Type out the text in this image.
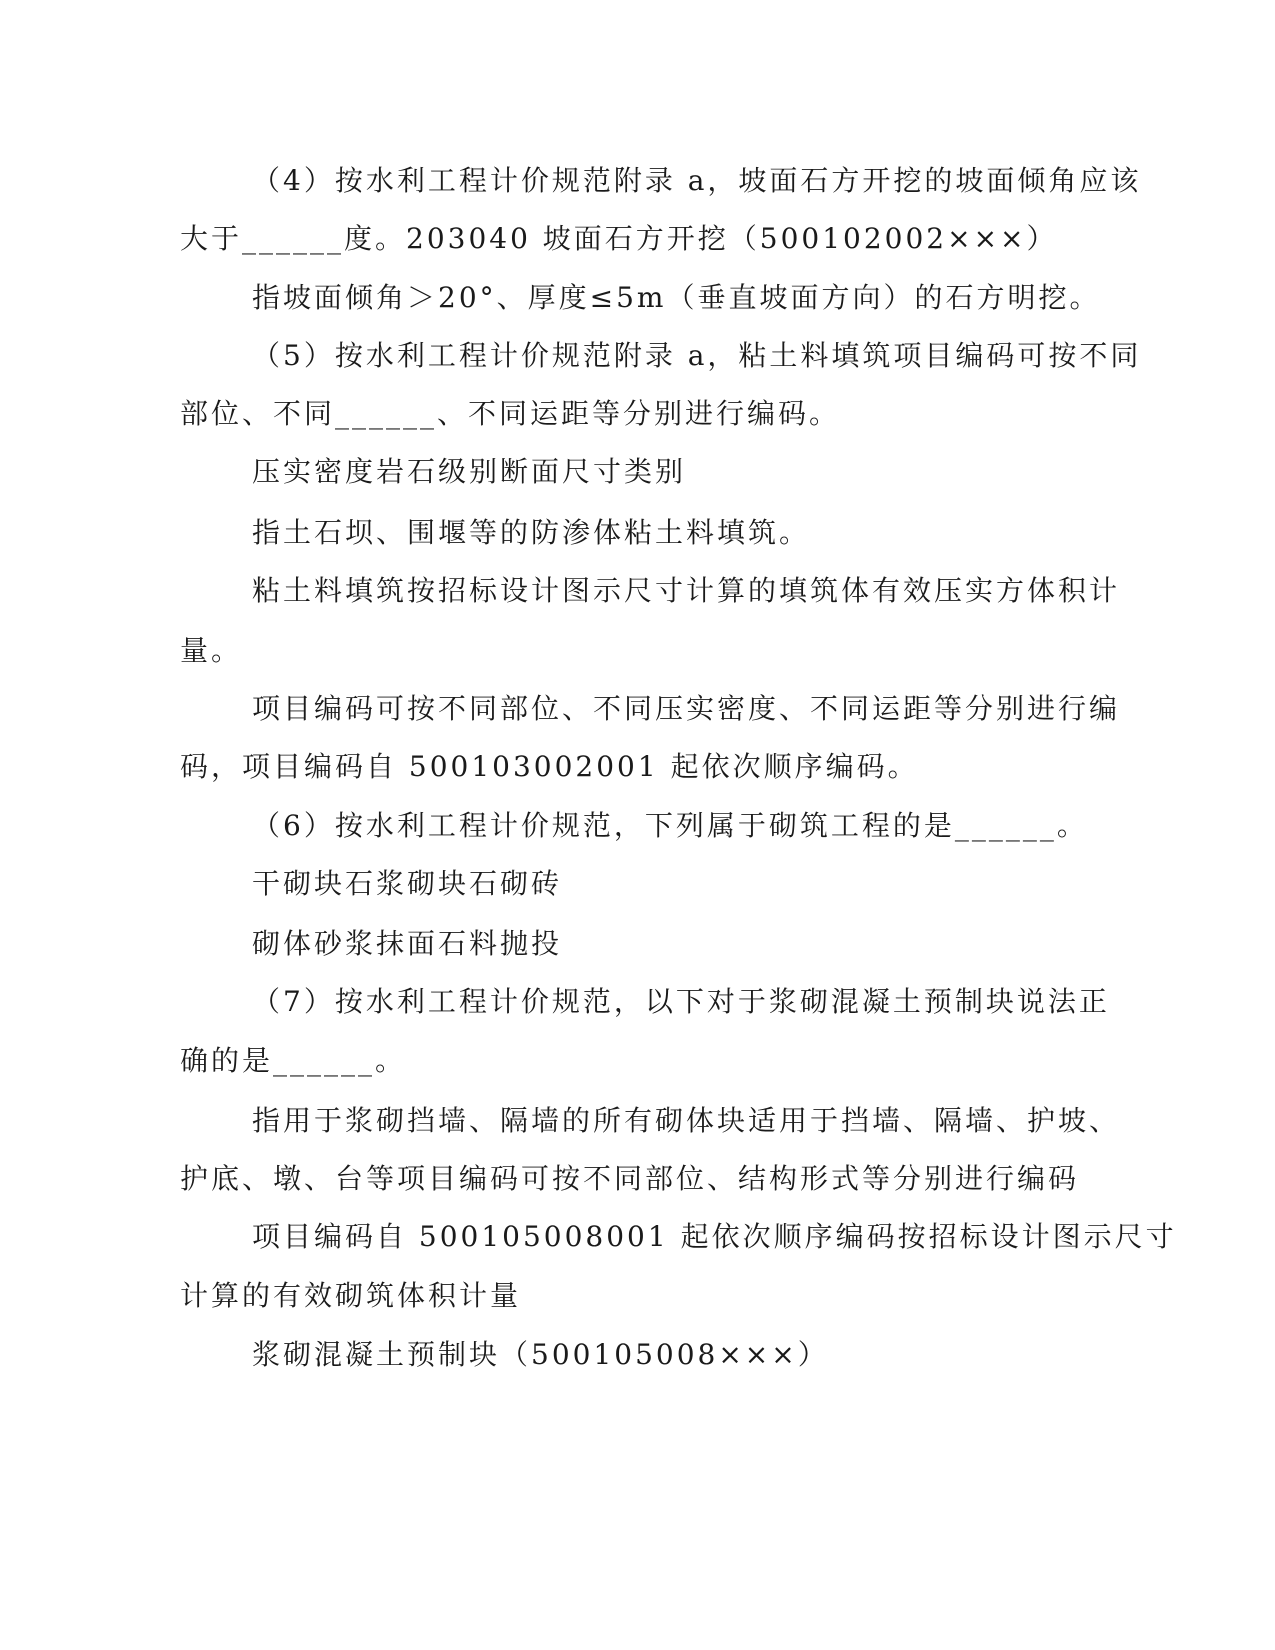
（4）按水利工程计价规范附录 a，坡面石方开挖的坡面倾角应该
大于______度。203040 坡面石方开挖（500102002×××）
指坡面倾角＞20°、厚度≤5m（垂直坡面方向）的石方明挖。
（5）按水利工程计价规范附录 a，粘土料填筑项目编码可按不同
部位、不同______、不同运距等分别进行编码。
压实密度岩石级别断面尺寸类别
指土石坝、围堰等的防渗体粘土料填筑。
粘土料填筑按招标设计图示尺寸计算的填筑体有效压实方体积计
量。
项目编码可按不同部位、不同压实密度、不同运距等分别进行编
码，项目编码自 500103002001 起依次顺序编码。
（6）按水利工程计价规范，下列属于砌筑工程的是______。
干砌块石浆砌块石砌砖
砌体砂浆抹面石料抛投
（7）按水利工程计价规范，以下对于浆砌混凝土预制块说法正
确的是______。
指用于浆砌挡墙、隔墙的所有砌体块适用于挡墙、隔墙、护坡、
护底、墩、台等项目编码可按不同部位、结构形式等分别进行编码
项目编码自 500105008001 起依次顺序编码按招标设计图示尺寸
计算的有效砌筑体积计量
浆砌混凝土预制块（500105008×××）
